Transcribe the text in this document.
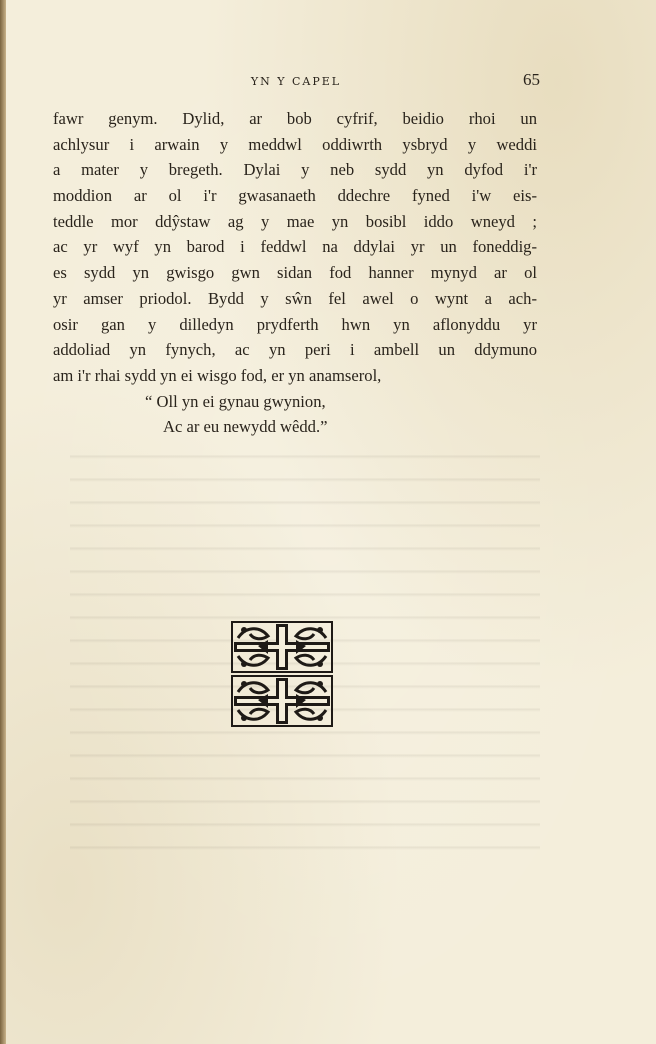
YN Y CAPEL	65
fawr genym. Dylid, ar bob cyfrif, beidio rhoi un
achlysur i arwain y meddwl oddiwrth ysbryd y weddi
a mater y bregeth. Dylai y neb sydd yn dyfod i'r
moddion ar ol i'r gwasanaeth ddechre fyned i'w eis-
teddle mor ddŷstaw ag y mae yn bosibl iddo wneyd ;
ac yr wyf yn barod i feddwl na ddylai yr un foneddig-
es sydd yn gwisgo gwn sidan fod hanner mynyd ar ol
yr amser priodol. Bydd y sŵn fel awel o wynt a ach-
osir gan y dilledyn prydferth hwn yn aflonyddu yr
addoliad yn fynych, ac yn peri i ambell un ddymuno
am i'r rhai sydd yn ei wisgo fod, er yn anamserol,
“ Oll yn ei gynau gwynion,
Ac ar eu newydd wêdd.”
